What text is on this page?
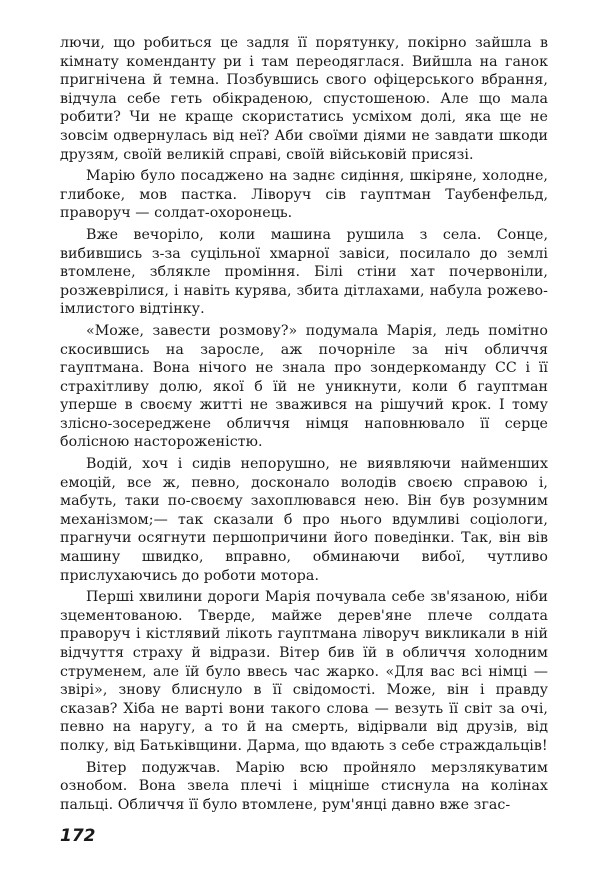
лючи, що робиться це задля її порятунку, покірно зайшла в кімнату коменданту ри і там переодяглася. Вийшла на ганок пригнічена й темна. Позбувшись свого офіцерського вбрання, відчула себе геть обікраденою, спустошеною. Але що мала робити? Чи не краще скористатись усміхом долі, яка ще не зовсім одвернулась від неї? Аби своїми діями не завдати шкоди друзям, своїй великій справі, своїй військовій присязі.

Марію було посаджено на заднє сидіння, шкіряне, холодне, глибоке, мов пастка. Ліворуч сів гауптман Таубенфельд, праворуч — солдат-охоронець.

Вже вечоріло, коли машина рушила з села. Сонце, вибившись з-за суцільної хмарної завіси, посилало до землі втомлене, зблякле проміння. Білі стіни хат почервоніли, розжеврілися, і навіть курява, збита дітлахами, набула рожево-імлистого відтінку.

«Може, завести розмову?» подумала Марія, ледь помітно скосившись на заросле, аж почорніле за ніч обличчя гауптмана. Вона нічого не знала про зондеркоманду СС і її страхітливу долю, якої б їй не уникнути, коли б гауптман уперше в своєму житті не зважився на рішучий крок. І тому злісно-зосереджене обличчя німця наповнювало її серце болісною настороженістю.

Водій, хоч і сидів непорушно, не виявляючи найменших емоцій, все ж, певно, досконало володів своєю справою і, мабуть, таки по-своєму захоплювався нею. Він був розумним механізмом;— так сказали б про нього вдумливі соціологи, прагнучи осягнути першопричини його поведінки. Так, він вів машину швидко, вправно, обминаючи вибої, чутливо прислухаючись до роботи мотора.

Перші хвилини дороги Марія почувала себе зв'язаною, ніби зцементованою. Тверде, майже дерев'яне плече солдата праворуч і кістлявий лікоть гауптмана ліворуч викликали в ній відчуття страху й відрази. Вітер бив їй в обличчя холодним струменем, але їй було ввесь час жарко. «Для вас всі німці — звірі», знову блиснуло в її свідомості. Може, він і правду сказав? Хіба не варті вони такого слова — везуть її світ за очі, певно на наругу, а то й на смерть, відірвали від друзів, від полку, від Батьківщини. Дарма, що вдають з себе страждальців!

Вітер подужчав. Марію всю пройняло мерзлякуватим ознобом. Вона звела плечі і міцніше стиснула на колінах пальці. Обличчя її було втомлене, рум'янці давно вже згас-

172
